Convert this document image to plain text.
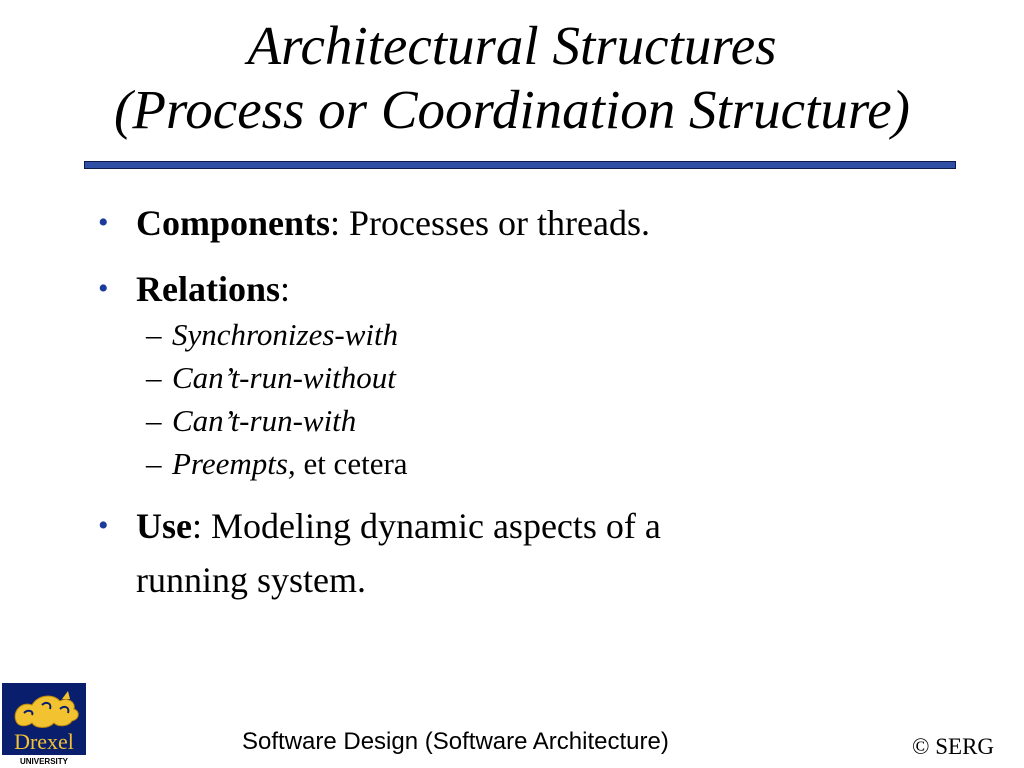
Architectural Structures
(Process or Coordination Structure)
• Components: Processes or threads.
• Relations:
– Synchronizes-with
– Can’t-run-without
– Can’t-run-with
– Preempts, et cetera
• Use: Modeling dynamic aspects of a
running system.
Drexel
UNIVERSITY
Software Design (Software Architecture)	© SERG
